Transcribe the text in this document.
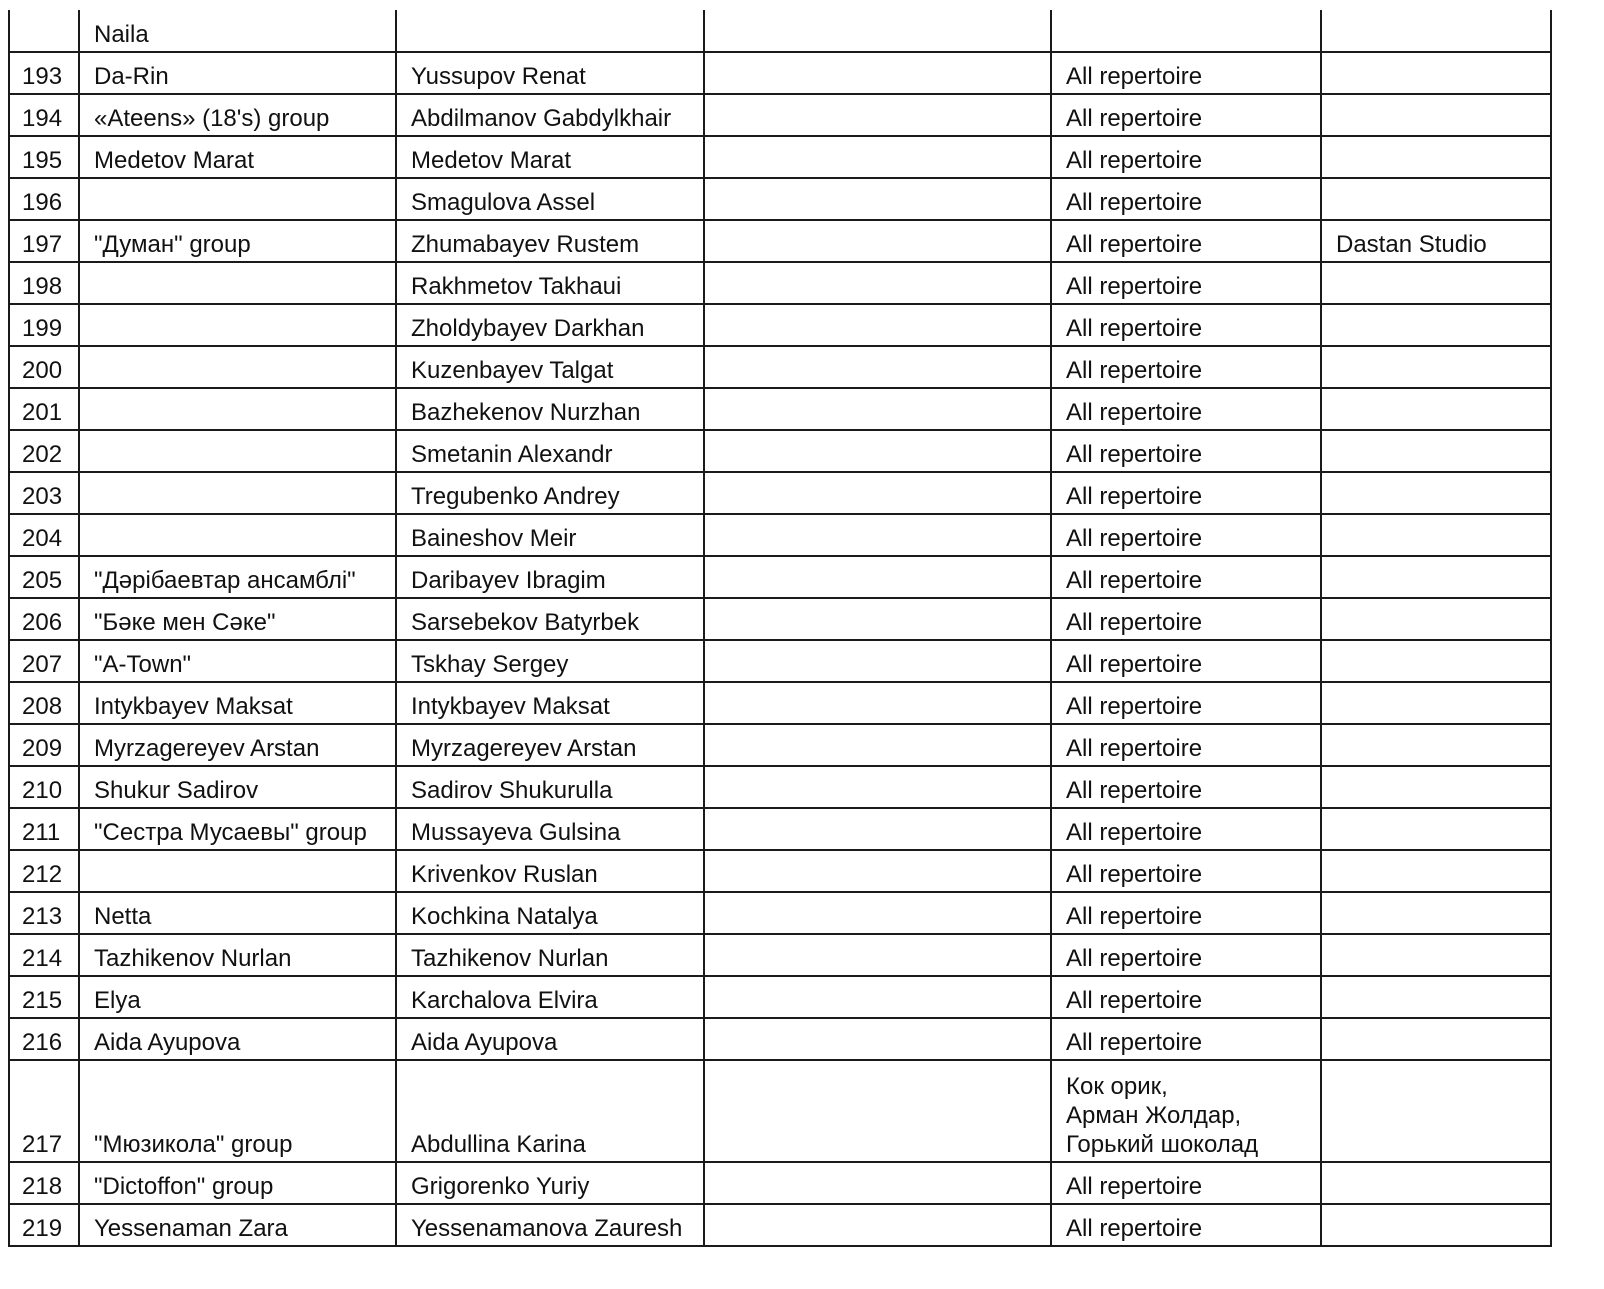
	Naila				
193	Da-Rin	Yussupov Renat		All repertoire	
194	«Ateens» (18's) group	Abdilmanov Gabdylkhair		All repertoire	
195	Medetov Marat	Medetov Marat		All repertoire	
196		Smagulova Assel		All repertoire	
197	"Думан" group	Zhumabayev Rustem		All repertoire	Dastan Studio
198		Rakhmetov Takhaui		All repertoire	
199		Zholdybayev Darkhan		All repertoire	
200		Kuzenbayev Talgat		All repertoire	
201		Bazhekenov Nurzhan		All repertoire	
202		Smetanin Alexandr		All repertoire	
203		Tregubenko Andrey		All repertoire	
204		Baineshov Meir		All repertoire	
205	"Дәрібаевтар ансамблі"	Daribayev Ibragim		All repertoire	
206	"Бәке мен Сәке"	Sarsebekov Batyrbek		All repertoire	
207	"A-Town"	Tskhay Sergey		All repertoire	
208	Intykbayev Maksat	Intykbayev Maksat		All repertoire	
209	Myrzagereyev Arstan	Myrzagereyev Arstan		All repertoire	
210	Shukur Sadirov	Sadirov Shukurulla		All repertoire	
211	"Сестра Мусаевы" group	Mussayeva Gulsina		All repertoire	
212		Krivenkov Ruslan		All repertoire	
213	Netta	Kochkina Natalya		All repertoire	
214	Tazhikenov Nurlan	Tazhikenov Nurlan		All repertoire	
215	Elya	Karchalova Elvira		All repertoire	
216	Aida Ayupova	Aida Ayupova		All repertoire	
217	"Мюзикола" group	Abdullina Karina		Кок орик,
Арман Жолдар,
Горький шоколад	

218	"Dictoffon" group	Grigorenko Yuriy		All repertoire	
219	Yessenaman Zara	Yessenamanova Zauresh		All repertoire	
